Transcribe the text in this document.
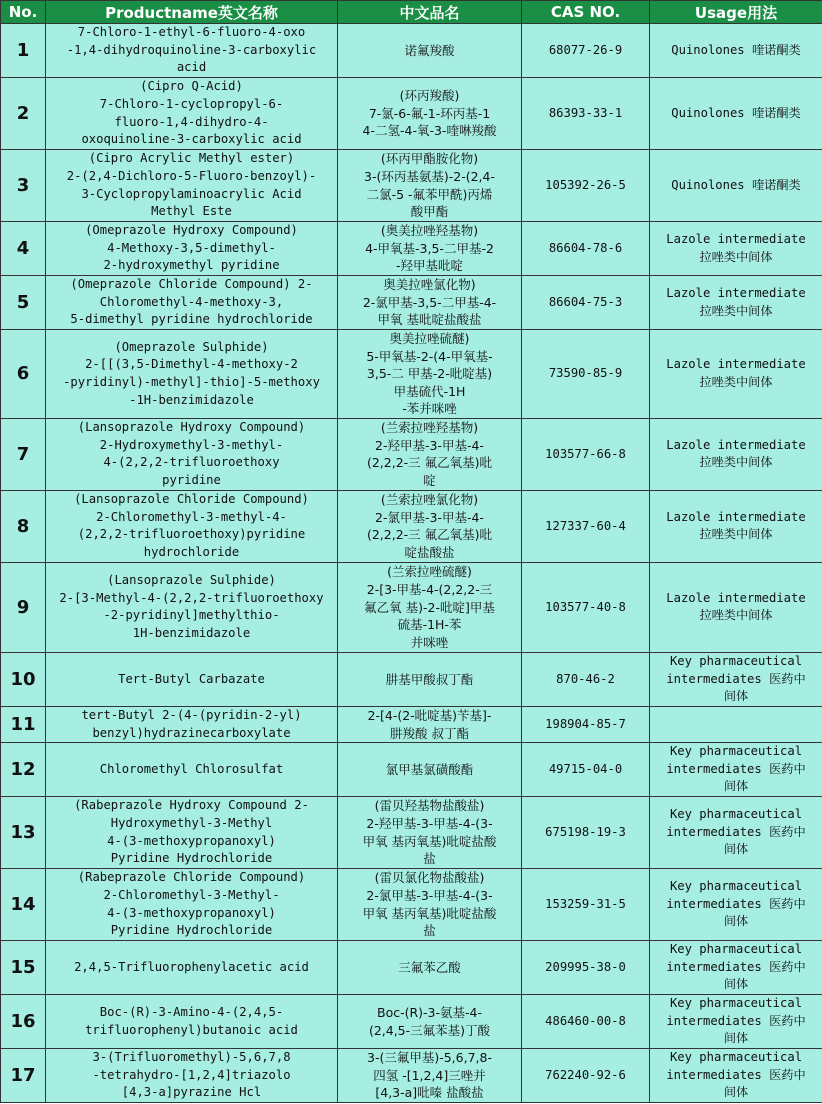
No.	Productname英文名称	中文品名	CAS NO.	Usage用法
1	7-Chloro-1-ethyl-6-fluoro-4-oxo
-1,4-dihydroquinoline-3-carboxylic
acid	诺氟羧酸	68077-26-9	Quinolones 喹诺酮类

2	(Cipro Q-Acid)
7-Chloro-1-cyclopropyl-6-
fluoro-1,4-dihydro-4-
oxoquinoline-3-carboxylic acid	(环丙羧酸)
7-氯-6-氟-1-环丙基-1
4-二氢-4-氧-3-喹啉羧酸	86393-33-1	Quinolones 喹诺酮类

3	(Cipro Acrylic Methyl ester)
2-(2,4-Dichloro-5-Fluoro-benzoyl)-
3-Cyclopropylaminoacrylic Acid
Methyl Este	(环丙甲酯胺化物)
3-(环丙基氨基)-2-(2,4-
二氯-5 -氟苯甲酰)丙烯
酸甲酯	105392-26-5	Quinolones 喹诺酮类

4	(Omeprazole Hydroxy Compound)
4-Methoxy-3,5-dimethyl-
2-hydroxymethyl pyridine	(奥美拉唑羟基物)
4-甲氧基-3,5-二甲基-2
-羟甲基吡啶	86604-78-6	Lazole intermediate
拉唑类中间体

5	(Omeprazole Chloride Compound) 2-
Chloromethyl-4-methoxy-3,
5-dimethyl pyridine hydrochloride	奥美拉唑氯化物)
2-氯甲基-3,5-二甲基-4-
甲氧 基吡啶盐酸盐	86604-75-3	Lazole intermediate
拉唑类中间体

6	(Omeprazole Sulphide)
2-[[(3,5-Dimethyl-4-methoxy-2
-pyridinyl)-methyl]-thio]-5-methoxy
-1H-benzimidazole	奥美拉唑硫醚)
5-甲氧基-2-(4-甲氧基-
3,5-二 甲基-2-吡啶基)
甲基硫代-1H
-苯并咪唑	73590-85-9	Lazole intermediate
拉唑类中间体

7	(Lansoprazole Hydroxy Compound)
2-Hydroxymethyl-3-methyl-
4-(2,2,2-trifluoroethoxy
pyridine	(兰索拉唑羟基物)
2-羟甲基-3-甲基-4-
(2,2,2-三 氟乙氧基)吡
啶	103577-66-8	Lazole intermediate
拉唑类中间体

8	(Lansoprazole Chloride Compound)
2-Chloromethyl-3-methyl-4-
(2,2,2-trifluoroethoxy)pyridine
hydrochloride	(兰索拉唑氯化物)
2-氯甲基-3-甲基-4-
(2,2,2-三 氟乙氧基)吡
啶盐酸盐	127337-60-4	Lazole intermediate
拉唑类中间体

9	(Lansoprazole Sulphide)
2-[3-Methyl-4-(2,2,2-trifluoroethoxy
-2-pyridinyl]methylthio-
1H-benzimidazole	(兰索拉唑硫醚)
2-[3-甲基-4-(2,2,2-三
氟乙氧 基)-2-吡啶]甲基
硫基-1H-苯
并咪唑	103577-40-8	Lazole intermediate
拉唑类中间体

10	Tert-Butyl Carbazate	肼基甲酸叔丁酯	870-46-2	Key pharmaceutical
intermediates 医药中
间体

11	tert-Butyl 2-(4-(pyridin-2-yl)
benzyl)hydrazinecarboxylate	2-[4-(2-吡啶基)苄基]-
肼羧酸 叔丁酯	198904-85-7	
12	Chloromethyl Chlorosulfat	氯甲基氯磺酸酯	49715-04-0	Key pharmaceutical
intermediates 医药中
间体

13	(Rabeprazole Hydroxy Compound 2-
Hydroxymethyl-3-Methyl
4-(3-methoxypropanoxyl)
Pyridine Hydrochloride	(雷贝羟基物盐酸盐)
2-羟甲基-3-甲基-4-(3-
甲氧 基丙氧基)吡啶盐酸
盐	675198-19-3	Key pharmaceutical
intermediates 医药中
间体

14	(Rabeprazole Chloride Compound)
2-Chloromethyl-3-Methyl-
4-(3-methoxypropanoxyl)
Pyridine Hydrochloride	(雷贝氯化物盐酸盐)
2-氯甲基-3-甲基-4-(3-
甲氧 基丙氧基)吡啶盐酸
盐	153259-31-5	Key pharmaceutical
intermediates 医药中
间体

15	2,4,5-Trifluorophenylacetic acid	三氟苯乙酸	209995-38-0	Key pharmaceutical
intermediates 医药中
间体

16	Boc-(R)-3-Amino-4-(2,4,5-
trifluorophenyl)butanoic acid	Boc-(R)-3-氨基-4-
(2,4,5-三氟苯基)丁酸	486460-00-8	Key pharmaceutical
intermediates 医药中
间体

17	3-(Trifluoromethyl)-5,6,7,8
-tetrahydro-[1,2,4]triazolo
[4,3-a]pyrazine Hcl	3-(三氟甲基)-5,6,7,8-
四氢 -[1,2,4]三唑并
[4,3-a]吡嗪 盐酸盐	762240-92-6	Key pharmaceutical
intermediates 医药中
间体
